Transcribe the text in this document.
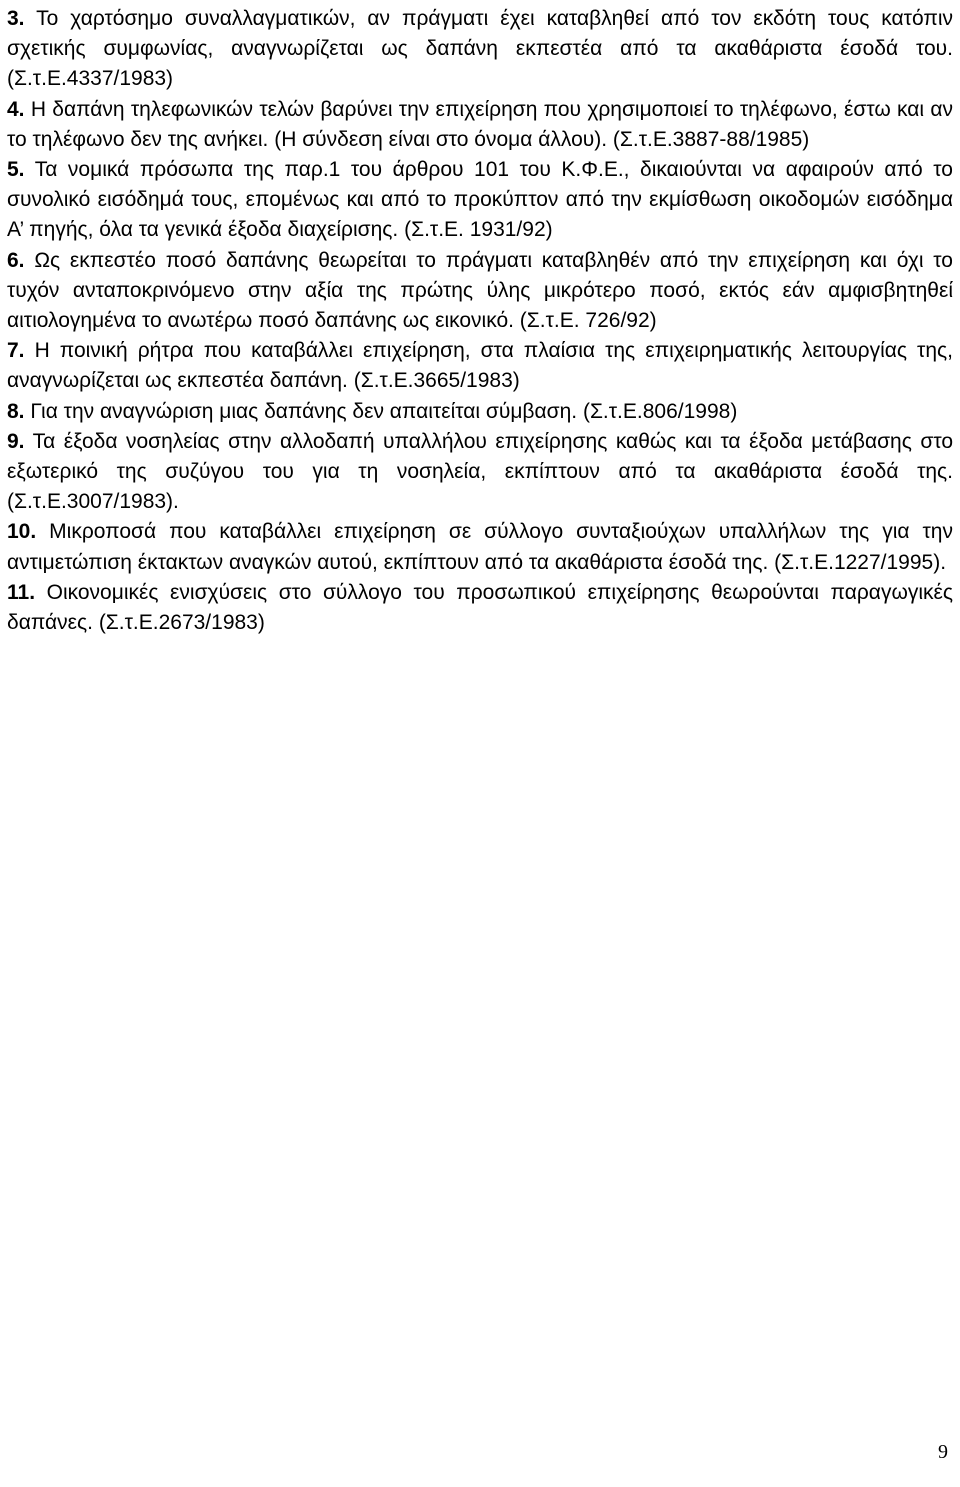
3. Το χαρτόσημο συναλλαγματικών, αν πράγματι έχει καταβληθεί από τον εκδότη τους κατόπιν σχετικής συμφωνίας, αναγνωρίζεται ως δαπάνη εκπεστέα από τα ακαθάριστα έσοδά του. (Σ.τ.Ε.4337/1983)

4. Η δαπάνη τηλεφωνικών τελών βαρύνει την επιχείρηση που χρησιμοποιεί το τηλέφωνο, έστω και αν το τηλέφωνο δεν της ανήκει. (Η σύνδεση είναι στο όνομα άλλου). (Σ.τ.Ε.3887-88/1985)

5. Τα νομικά πρόσωπα της παρ.1 του άρθρου 101 του Κ.Φ.Ε., δικαιούνται να αφαιρούν από το συνολικό εισόδημά τους, επομένως και από το προκύπτον από την εκμίσθωση οικοδομών εισόδημα Α’ πηγής, όλα τα γενικά έξοδα διαχείρισης. (Σ.τ.Ε. 1931/92)

6. Ως εκπεστέο ποσό δαπάνης θεωρείται το πράγματι καταβληθέν από την επιχείρηση και όχι το τυχόν ανταποκρινόμενο στην αξία της πρώτης ύλης μικρότερο ποσό, εκτός εάν αμφισβητηθεί αιτιολογημένα το ανωτέρω ποσό δαπάνης ως εικονικό. (Σ.τ.Ε. 726/92)

7. Η ποινική ρήτρα που καταβάλλει επιχείρηση, στα πλαίσια της επιχειρηματικής λειτουργίας της, αναγνωρίζεται ως εκπεστέα δαπάνη. (Σ.τ.Ε.3665/1983)

8. Για την αναγνώριση μιας δαπάνης δεν απαιτείται σύμβαση. (Σ.τ.Ε.806/1998)

9. Τα έξοδα νοσηλείας στην αλλοδαπή υπαλλήλου επιχείρησης καθώς και τα έξοδα μετάβασης στο εξωτερικό της συζύγου του για τη νοσηλεία, εκπίπτουν από τα ακαθάριστα έσοδά της. (Σ.τ.Ε.3007/1983).

10. Μικροποσά που καταβάλλει επιχείρηση σε σύλλογο συνταξιούχων υπαλλήλων της για την αντιμετώπιση έκτακτων αναγκών αυτού, εκπίπτουν από τα ακαθάριστα έσοδά της. (Σ.τ.Ε.1227/1995).

11. Οικονομικές ενισχύσεις στο σύλλογο του προσωπικού επιχείρησης θεωρούνται παραγωγικές δαπάνες. (Σ.τ.Ε.2673/1983)

9
